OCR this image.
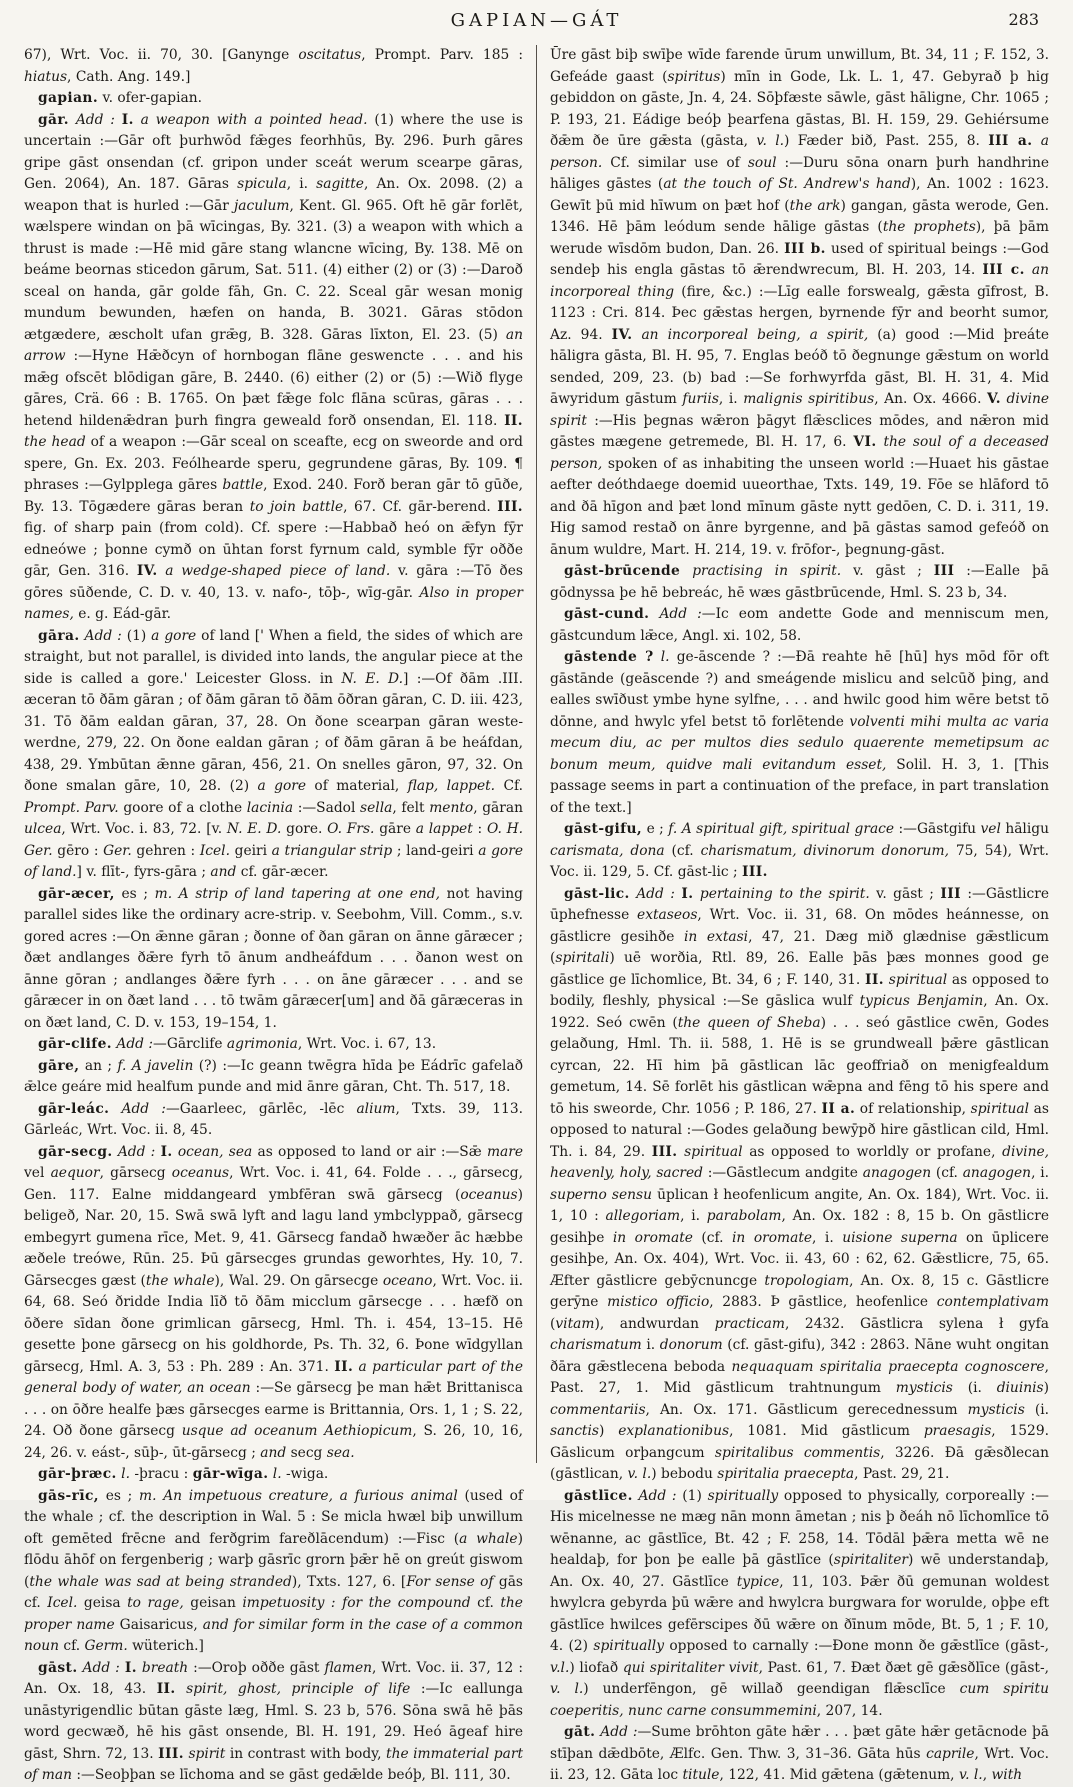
GAPIAN—GÁT	283

67), Wrt. Voc. ii. 70, 30. [Ganynge oscitatus, Prompt. Parv. 185 : hiatus, Cath. Ang. 149.]

gapian. v. ofer-gapian.

gār. Add : I. a weapon with a pointed head. (1) where the use is uncertain :—Gār oft þurhwōd fǣges feorhhūs, By. 296. Þurh gāres gripe gāst onsendan (cf. gripon under sceát werum scearpe gāras, Gen. 2064), An. 187. Gāras spicula, i. sagitte, An. Ox. 2098. (2) a weapon that is hurled :—Gār jaculum, Kent. Gl. 965. Oft hē gār forlēt, wælspere windan on þā wīcingas, By. 321. (3) a weapon with which a thrust is made :—Hē mid gāre stang wlancne wīcing, By. 138. Mē on beáme beornas sticedon gārum, Sat. 511. (4) either (2) or (3) :—Daroð sceal on handa, gār golde fāh, Gn. C. 22. Sceal gār wesan monig mundum bewunden, hæfen on handa, B. 3021. Gāras stōdon ætgædere, æscholt ufan grǣg, B. 328. Gāras līxton, El. 23. (5) an arrow :—Hyne Hǣðcyn of hornbogan flāne geswencte . . . and his mǣg ofscēt blōdigan gāre, B. 2440. (6) either (2) or (5) :—Wið flyge gāres, Crä. 66 : B. 1765. On þæt fǣge folc flāna scūras, gāras . . . hetend hildenǣdran þurh fingra geweald forð onsendan, El. 118. II. the head of a weapon :—Gār sceal on sceafte, ecg on sweorde and ord spere, Gn. Ex. 203. Feólhearde speru, gegrundene gāras, By. 109. ¶ phrases :—Gylpplega gāres battle, Exod. 240. Forð beran gār tō gūðe, By. 13. Tōgædere gāras beran to join battle, 67. Cf. gār-berend. III. fig. of sharp pain (from cold). Cf. spere :—Habbað heó on ǣfyn fȳr edneówe ; þonne cymð on ūhtan forst fyrnum cald, symble fȳr oððe gār, Gen. 316. IV. a wedge-shaped piece of land. v. gāra :—Tō ðes gōres sūðende, C. D. v. 40, 13. v. nafo-, tōþ-, wīg-gār. Also in proper names, e. g. Eád-gār.

gāra. Add : (1) a gore of land [' When a field, the sides of which are straight, but not parallel, is divided into lands, the angular piece at the side is called a gore.' Leicester Gloss. in N. E. D.] :—Of ðām .III. æceran tō ðām gāran ; of ðām gāran tō ðām ōðran gāran, C. D. iii. 423, 31. Tō ðām ealdan gāran, 37, 28. On ðone scearpan gāran weste-werdne, 279, 22. On ðone ealdan gāran ; of ðām gāran ā be heáfdan, 438, 29. Ymbūtan ǣnne gāran, 456, 21. On snelles gāron, 97, 32. On ðone smalan gāre, 10, 28. (2) a gore of material, flap, lappet. Cf. Prompt. Parv. goore of a clothe lacinia :—Sadol sella, felt mento, gāran ulcea, Wrt. Voc. i. 83, 72. [v. N. E. D. gore. O. Frs. gāre a lappet : O. H. Ger. gēro : Ger. gehren : Icel. geiri a triangular strip ; land-geiri a gore of land.] v. flīt-, fyrs-gāra ; and cf. gār-æcer.

gār-æcer, es ; m. A strip of land tapering at one end, not having parallel sides like the ordinary acre-strip. v. Seebohm, Vill. Comm., s.v. gored acres :—On ǣnne gāran ; ðonne of ðan gāran on ānne gāræcer ; ðæt andlanges ðǣre fyrh tō ānum andheáfdum . . . ðanon west on ānne gōran ; andlanges ðǣre fyrh . . . on āne gāræcer . . . and se gāræcer in on ðæt land . . . tō twām gāræcer[um] and ðā gāræceras in on ðæt land, C. D. v. 153, 19–154, 1.

gār-clife. Add :—Gārclife agrimonia, Wrt. Voc. i. 67, 13.

gāre, an ; f. A javelin (?) :—Ic geann twēgra hīda þe Eádrīc gafelað ǣlce geáre mid healfum punde and mid ānre gāran, Cht. Th. 517, 18.

gār-leác. Add :—Gaarleec, gārlēc, -lēc alium, Txts. 39, 113. Gārleác, Wrt. Voc. ii. 8, 45.

gār-secg. Add : I. ocean, sea as opposed to land or air :—Sǣ mare vel aequor, gārsecg oceanus, Wrt. Voc. i. 41, 64. Folde . . ., gārsecg, Gen. 117. Ealne middangeard ymbfēran swā gārsecg (oceanus) beligeð, Nar. 20, 15. Swā swā lyft and lagu land ymbclyppað, gārsecg embegyrt gumena rīce, Met. 9, 41. Gārsecg fandað hwæðer āc hæbbe æðele treówe, Rūn. 25. Þū gārsecges grundas geworhtes, Hy. 10, 7. Gārsecges gæst (the whale), Wal. 29. On gārsecge oceano, Wrt. Voc. ii. 64, 68. Seó ðridde India līð tō ðām micclum gārsecge . . . hæfð on ōðere sīdan ðone grimlican gārsecg, Hml. Th. i. 454, 13–15. Hē gesette þone gārsecg on his goldhorde, Ps. Th. 32, 6. Þone wīdgyllan gārsecg, Hml. A. 3, 53 : Ph. 289 : An. 371. II. a particular part of the general body of water, an ocean :—Se gārsecg þe man hǣt Brittanisca . . . on ōðre healfe þæs gārsecges earme is Brittannia, Ors. 1, 1 ; S. 22, 24. Oð ðone gārsecg usque ad oceanum Aethiopicum, S. 26, 10, 16, 24, 26. v. eást-, sūþ-, ūt-gārsecg ; and secg sea.

gār-þræc. l. -þracu : gār-wīga. l. -wiga.

gās-rīc, es ; m. An impetuous creature, a furious animal (used of the whale ; cf. the description in Wal. 5 : Se micla hwæl biþ unwillum oft gemēted frēcne and ferðgrim fareðlācendum) :—Fisc (a whale) flōdu āhōf on fergenberig ; warþ gāsrīc grorn þǣr hē on greút giswom (the whale was sad at being stranded), Txts. 127, 6. [For sense of gās cf. Icel. geisa to rage, geisan impetuosity : for the compound cf. the proper name Gaisaricus, and for similar form in the case of a common noun cf. Germ. wüterich.]

gāst. Add : I. breath :—Oroþ oððe gāst flamen, Wrt. Voc. ii. 37, 12 : An. Ox. 18, 43. II. spirit, ghost, principle of life :—Ic eallunga unāstyrigendlic būtan gāste læg, Hml. S. 23 b, 576. Sōna swā hē þās word gecwæð, hē his gāst onsende, Bl. H. 191, 29. Heó āgeaf hire gāst, Shrn. 72, 13. III. spirit in contrast with body, the immaterial part of man :—Seoþþan se līchoma and se gāst gedǣlde beóþ, Bl. 111, 30.

Ūre gāst biþ swīþe wīde farende ūrum unwillum, Bt. 34, 11 ; F. 152, 3. Gefeáde gaast (spiritus) mīn in Gode, Lk. L. 1, 47. Gebyrað þ hig gebiddon on gāste, Jn. 4, 24. Sōþfæste sāwle, gāst hāligne, Chr. 1065 ; P. 193, 21. Eádige beóþ þearfena gāstas, Bl. H. 159, 29. Gehiérsume ðǣm ðe ūre gǣsta (gāsta, v. l.) Fæder bið, Past. 255, 8. III a. a person. Cf. similar use of soul :—Duru sōna onarn þurh handhrine hāliges gāstes (at the touch of St. Andrew's hand), An. 1002 : 1623. Gewīt þū mid hīwum on þæt hof (the ark) gangan, gāsta werode, Gen. 1346. Hē þām leódum sende hālige gāstas (the prophets), þā þām werude wīsdōm budon, Dan. 26. III b. used of spiritual beings :—God sendeþ his engla gāstas tō ǣrendwrecum, Bl. H. 203, 14. III c. an incorporeal thing (fire, &c.) :—Līg ealle forswealg, gǣsta gīfrost, B. 1123 : Cri. 814. Þec gǣstas hergen, byrnende fȳr and beorht sumor, Az. 94. IV. an incorporeal being, a spirit, (a) good :—Mid þreáte hāligra gāsta, Bl. H. 95, 7. Englas beóð tō ðegnunge gǣstum on world sended, 209, 23. (b) bad :—Se forhwyrfda gāst, Bl. H. 31, 4. Mid āwyridum gāstum furiis, i. malignis spiritibus, An. Ox. 4666. V. divine spirit :—His þegnas wǣron þāgyt flǣsclices mōdes, and nǣron mid gāstes mægene getremede, Bl. H. 17, 6. VI. the soul of a deceased person, spoken of as inhabiting the unseen world :—Huaet his gāstae aefter deóthdaege doemid uueorthae, Txts. 149, 19. Fōe se hlāford tō and ðā hīgon and þæt lond mīnum gāste nytt gedōen, C. D. i. 311, 19. Hig samod restað on ānre byrgenne, and þā gāstas samod gefeóð on ānum wuldre, Mart. H. 214, 19. v. frōfor-, þegnung-gāst.

gāst-brūcende practising in spirit. v. gāst ; III :—Ealle þā gōdnyssa þe hē bebreác, hē wæs gāstbrūcende, Hml. S. 23 b, 34.

gāst-cund. Add :—Ic eom andette Gode and menniscum men, gāstcundum lǣce, Angl. xi. 102, 58.

gāstende ? l. ge-āscende ? :—Ðā reahte hē [hū] hys mōd fōr oft gāstānde (geāscende ?) and smeágende mislicu and selcūð þing, and ealles swīðust ymbe hyne sylfne, . . . and hwilc good him wēre betst tō dōnne, and hwylc yfel betst tō forlētende volventi mihi multa ac varia mecum diu, ac per multos dies sedulo quaerente memetipsum ac bonum meum, quidve mali evitandum esset, Solil. H. 3, 1. [This passage seems in part a continuation of the preface, in part translation of the text.]

gāst-gifu, e ; f. A spiritual gift, spiritual grace :—Gāstgifu vel hāligu carismata, dona (cf. charismatum, divinorum donorum, 75, 54), Wrt. Voc. ii. 129, 5. Cf. gāst-lic ; III.

gāst-lic. Add : I. pertaining to the spirit. v. gāst ; III :—Gāstlicre ūphefnesse extaseos, Wrt. Voc. ii. 31, 68. On mōdes heánnesse, on gāstlicre gesihðe in extasi, 47, 21. Dæg mið glædnise gǣstlicum (spiritali) uē worðia, Rtl. 89, 26. Ealle þās þæs monnes good ge gāstlice ge līchomlice, Bt. 34, 6 ; F. 140, 31. II. spiritual as opposed to bodily, fleshly, physical :—Se gāslica wulf typicus Benjamin, An. Ox. 1922. Seó cwēn (the queen of Sheba) . . . seó gāstlice cwēn, Godes gelaðung, Hml. Th. ii. 588, 1. Hē is se grundweall þǣre gāstlican cyrcan, 22. Hī him þā gāstlican lāc geoffriað on menigfealdum gemetum, 14. Sē forlēt his gāstlican wǣpna and fēng tō his spere and tō his sweorde, Chr. 1056 ; P. 186, 27. II a. of relationship, spiritual as opposed to natural :—Godes gelaðung bewȳpð hire gāstlican cild, Hml. Th. i. 84, 29. III. spiritual as opposed to worldly or profane, divine, heavenly, holy, sacred :—Gāstlecum andgite anagogen (cf. anagogen, i. superno sensu ūplican ł heofenlicum angite, An. Ox. 184), Wrt. Voc. ii. 1, 10 : allegoriam, i. parabolam, An. Ox. 182 : 8, 15 b. On gāstlicre gesihþe in oromate (cf. in oromate, i. uisione superna on ūplicere gesihþe, An. Ox. 404), Wrt. Voc. ii. 43, 60 : 62, 62. Gǣstlicre, 75, 65. Æfter gāstlicre gebȳcnuncge tropologiam, An. Ox. 8, 15 c. Gāstlicre gerȳne mistico officio, 2883. Þ gāstlice, heofenlice contemplativam (vitam), andwurdan practicam, 2432. Gāstlicra sylena ł gyfa charismatum i. donorum (cf. gāst-gifu), 342 : 2863. Nāne wuht ongitan ðāra gǣstlecena beboda nequaquam spiritalia praecepta cognoscere, Past. 27, 1. Mid gāstlicum trahtnungum mysticis (i. diuinis) commentariis, An. Ox. 171. Gāstlicum gerecednessum mysticis (i. sanctis) explanationibus, 1081. Mid gāstlicum praesagis, 1529. Gāslicum orþangcum spiritalibus commentis, 3226. Ðā gǣsðlecan (gāstlican, v. l.) bebodu spiritalia praecepta, Past. 29, 21.

gāstlīce. Add : (1) spiritually opposed to physically, corporeally :—His micelnesse ne mæg nān monn āmetan ; nis þ ðeáh nō līchomlīce tō wēnanne, ac gāstlīce, Bt. 42 ; F. 258, 14. Tōdāl þǣra metta wē ne healdaþ, for þon þe ealle þā gāstlīce (spiritaliter) wē understandaþ, An. Ox. 40, 27. Gāstlīce typice, 11, 103. Þǣr ðū gemunan woldest hwylcra gebyrda þū wǣre and hwylcra burgwara for worulde, oþþe eft gāstlīce hwilces gefērscipes ðū wǣre on ðīnum mōde, Bt. 5, 1 ; F. 10, 4. (2) spiritually opposed to carnally :—Ðone monn ðe gǣstlīce (gāst-, v.l.) liofað qui spiritaliter vivit, Past. 61, 7. Ðæt ðæt gē gǣsðlīce (gāst-, v. l.) underfēngon, gē willað geendigan flǣsclīce cum spiritu coeperitis, nunc carne consummemini, 207, 14.

gāt. Add :—Sume brōhton gāte hǣr . . . þæt gāte hǣr getācnode þā stīþan dǣdbōte, Ælfc. Gen. Thw. 3, 31–36. Gāta hūs caprile, Wrt. Voc. ii. 23, 12. Gāta loc titule, 122, 41. Mid gǣtena (gǣtenum, v. l., with
